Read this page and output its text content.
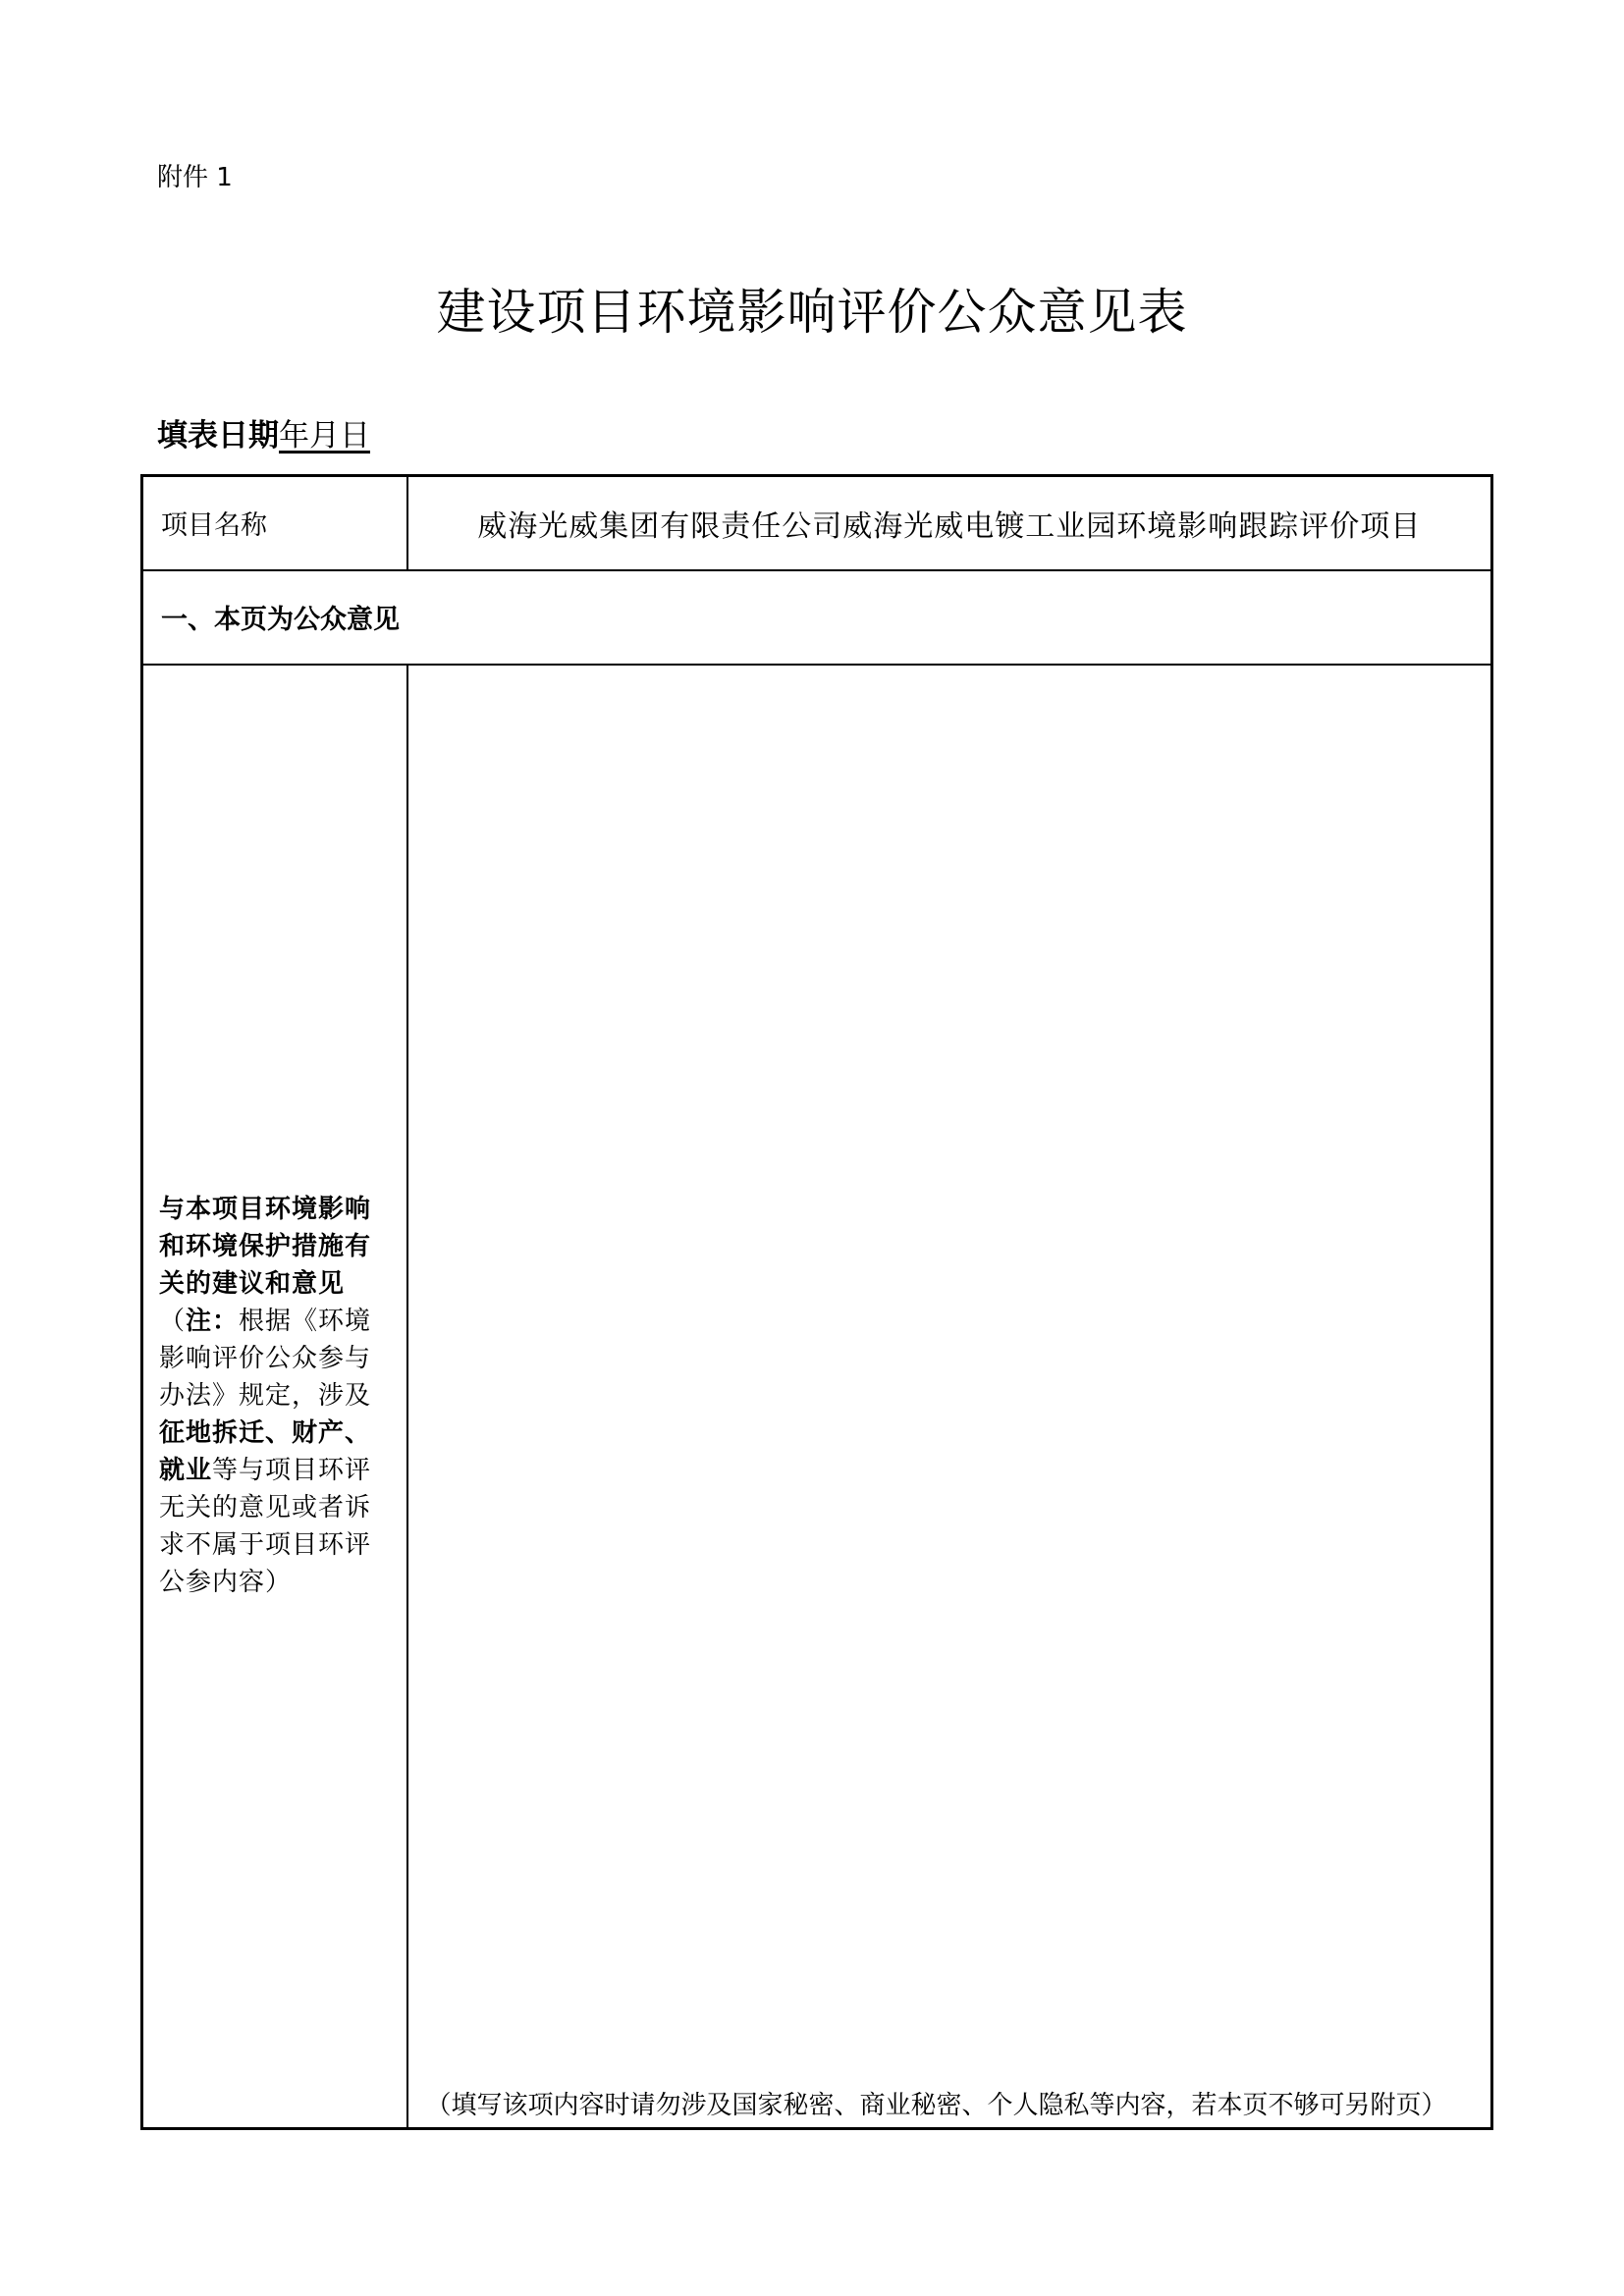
附件 1
建设项目环境影响评价公众意见表
填表日期年月日
项目名称	威海光威集团有限责任公司威海光威电镀工业园环境影响跟踪评价项目
一、本页为公众意见	
与本项目环境影响和环境保护措施有关的建议和意见（注：根据《环境影响评价公众参与办法》规定，涉及征地拆迁、财产、就业等与项目环评无关的意见或者诉求不属于项目环评公参内容）	（填写该项内容时请勿涉及国家秘密、商业秘密、个人隐私等内容，若本页不够可另附页）
